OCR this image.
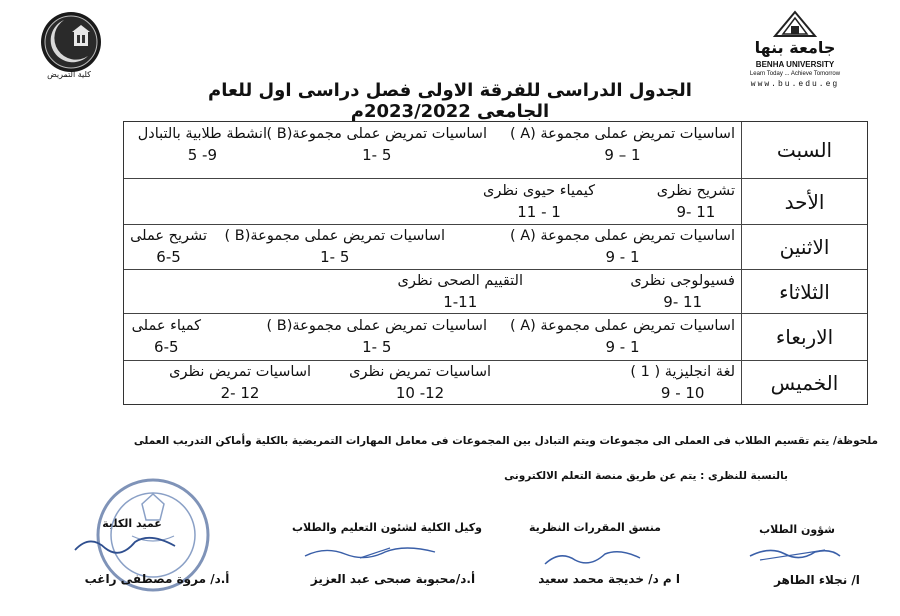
كلية التمريض
جامعة بنها
BENHA UNIVERSITY
Learn Today ... Achieve Tomorrow
www.bu.edu.eg
الجدول الدراسى للفرقة الاولى فصل دراسى اول للعام الجامعى 2023/2022م
السبت
اساسيات تمريض عملى مجموعة (A )
1 – 9
اساسيات تمريض عملى مجموعة(B )
5 -1
انشطة طلابية بالتبادل
9- 5
الأحد
تشريح نظرى
11 -9
كيمياء حيوى نظرى
1 - 11
الاثنين
اساسيات تمريض عملى مجموعة (A )
1 - 9
اساسيات تمريض عملى مجموعة(B )
5 -1
تشريح عملى
6-5
الثلاثاء
فسيولوجى نظرى
11 -9
التقييم الصحى نظرى
1-11
الاربعاء
اساسيات تمريض عملى مجموعة (A )
1 - 9
اساسيات تمريض عملى مجموعة(B )
5 -1
كمياء عملى
6-5
الخميس
لغة انجليزية ( 1 )
10 - 9
اساسيات تمريض نظرى
12- 10
اساسيات تمريض نظرى
12 -2
ملحوظة/ يتم تقسيم الطلاب فى العملى الى مجموعات ويتم التبادل بين المجموعات فى معامل المهارات التمريضية بالكلية وأماكن التدريب العملى
بالنسبة للنظرى : يتم عن طريق منصة التعلم الالكترونى
شؤون الطلاب
منسق المقررات النظرية
وكيل الكلية لشئون التعليم والطلاب
عميد الكلية
ا/ نجلاء الطاهر
ا م د/ خديجة محمد سعيد
أ.د/محبوبة صبحى عبد العزيز
أ.د/ مروة مصطفى راغب
